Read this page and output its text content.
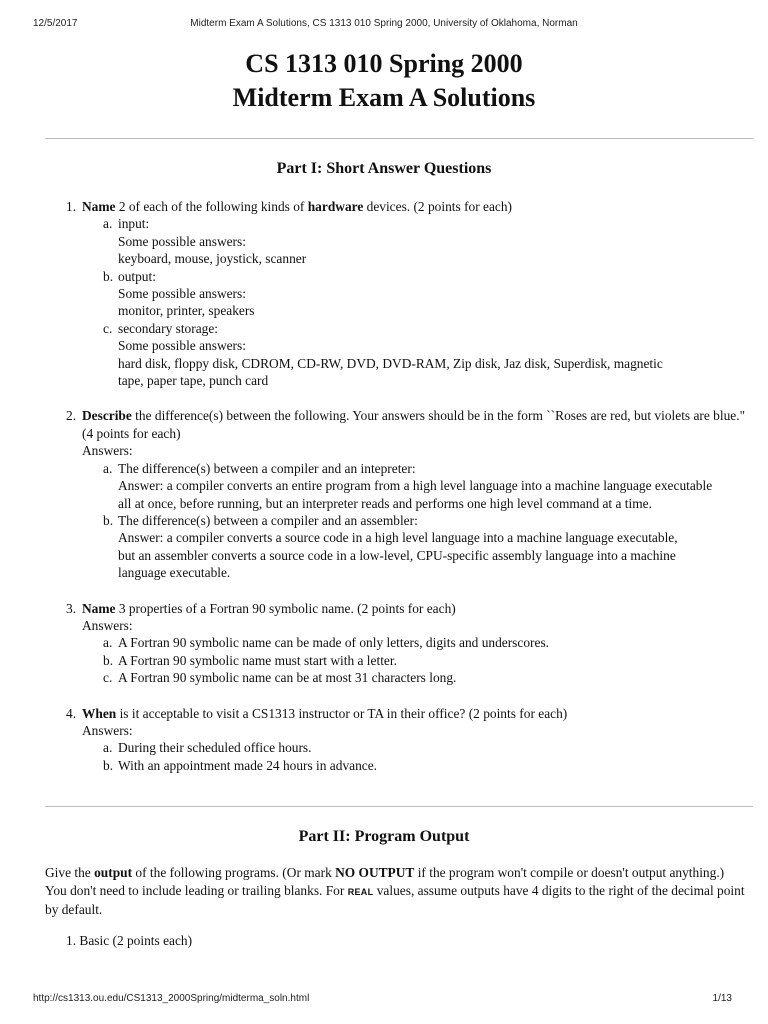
12/5/2017	Midterm Exam A Solutions, CS 1313 010 Spring 2000, University of Oklahoma, Norman
CS 1313 010 Spring 2000
Midterm Exam A Solutions
Part I: Short Answer Questions
1. Name 2 of each of the following kinds of hardware devices. (2 points for each)
a. input:
Some possible answers:
keyboard, mouse, joystick, scanner
b. output:
Some possible answers:
monitor, printer, speakers
c. secondary storage:
Some possible answers:
hard disk, floppy disk, CDROM, CD-RW, DVD, DVD-RAM, Zip disk, Jaz disk, Superdisk, magnetic tape, paper tape, punch card
2. Describe the difference(s) between the following. Your answers should be in the form ``Roses are red, but violets are blue." (4 points for each)
Answers:
a. The difference(s) between a compiler and an intepreter:
Answer: a compiler converts an entire program from a high level language into a machine language executable all at once, before running, but an interpreter reads and performs one high level command at a time.
b. The difference(s) between a compiler and an assembler:
Answer: a compiler converts a source code in a high level language into a machine language executable, but an assembler converts a source code in a low-level, CPU-specific assembly language into a machine language executable.
3. Name 3 properties of a Fortran 90 symbolic name. (2 points for each)
Answers:
a. A Fortran 90 symbolic name can be made of only letters, digits and underscores.
b. A Fortran 90 symbolic name must start with a letter.
c. A Fortran 90 symbolic name can be at most 31 characters long.
4. When is it acceptable to visit a CS1313 instructor or TA in their office? (2 points for each)
Answers:
a. During their scheduled office hours.
b. With an appointment made 24 hours in advance.
Part II: Program Output

Give the output of the following programs. (Or mark NO OUTPUT if the program won't compile or doesn't output anything.) You don't need to include leading or trailing blanks. For REAL values, assume outputs have 4 digits to the right of the decimal point by default.

1. Basic (2 points each)
http://cs1313.ou.edu/CS1313_2000Spring/midterma_soln.html	1/13
